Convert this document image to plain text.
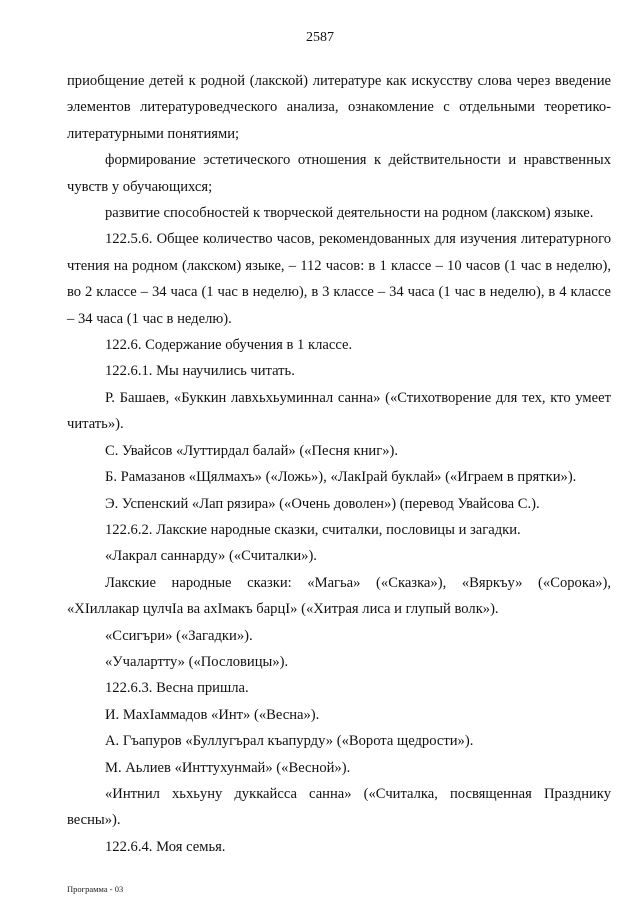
2587

приобщение детей к родной (лакской) литературе как искусству слова через введение элементов литературоведческого анализа, ознакомление с отдельными теоретико-литературными понятиями;

формирование эстетического отношения к действительности и нравственных чувств у обучающихся;

развитие способностей к творческой деятельности на родном (лакском) языке.

122.5.6. Общее количество часов, рекомендованных для изучения литературного чтения на родном (лакском) языке, – 112 часов: в 1 классе – 10 часов (1 час в неделю), во 2 классе – 34 часа (1 час в неделю), в 3 классе – 34 часа (1 час в неделю), в 4 классе – 34 часа (1 час в неделю).

122.6. Содержание обучения в 1 классе.

122.6.1. Мы научились читать.

Р. Башаев, «Буккин лавхьхьуминнал санна» («Стихотворение для тех, кто умеет читать»).

С. Увайсов «Луттирдал балай» («Песня книг»).

Б. Рамазанов «Щялмахъ» («Ложь»), «ЛакIрай буклай» («Играем в прятки»).

Э. Успенский «Лап рязира» («Очень доволен») (перевод Увайсова С.).

122.6.2. Лакские народные сказки, считалки, пословицы и загадки.

«Лакрал саннарду» («Считалки»).

Лакские народные сказки: «Магьа» («Сказка»), «Вяркъу» («Сорока»), «ХIиллакар цулчIа ва ахIмакъ барцI» («Хитрая лиса и глупый волк»).

«Ссигъри» («Загадки»).

«Учалартту» («Пословицы»).

122.6.3. Весна пришла.

И. МахIаммадов «Инт» («Весна»).

А. Гъапуров «Буллугърал къапурду» («Ворота щедрости»).

М. Аьлиев «Инттухунмай» («Весной»).

«Интнил хьхьуну дуккайсса санна» («Считалка, посвященная Празднику весны»).

122.6.4. Моя семья.

Программа - 03
